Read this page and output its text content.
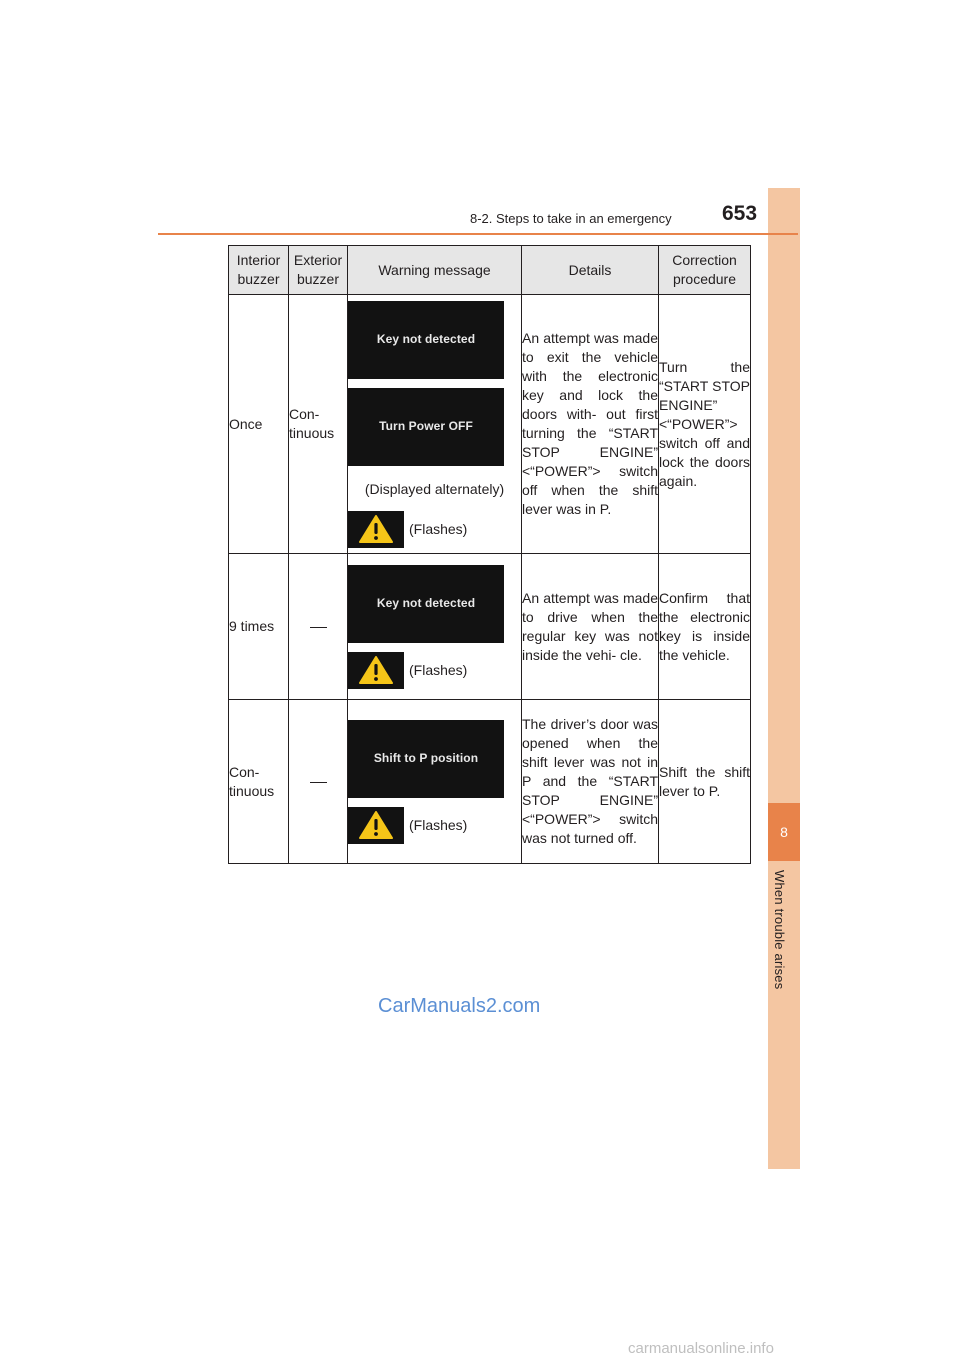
8
When trouble arises
8-2. Steps to take in an emergency 653
Interior buzzer	Exterior buzzer	Warning message	Details	Correction procedure
Once	Con- tinuous	Key not detected
Turn Power OFF
(Displayed alternately)
(Flashes)	An attempt was made to exit the vehicle with the electronic key and lock the doors with- out first turning the “START STOP ENGINE” <“POWER”> switch off when the shift lever was in P.	Turn the “START STOP ENGINE” <“POWER”> switch off and lock the doors again.
9 times		Key not detected
(Flashes)	An attempt was made to drive when the regular key was not inside the vehi- cle.	Confirm that the electronic key is inside the vehicle.
Con- tinuous		Shift to P position
(Flashes)	The driver’s door was opened when the shift lever was not in P and the “START STOP ENGINE” <“POWER”> switch was not turned off.	Shift the shift lever to P.
CarManuals2.com
carmanualsonline.info
